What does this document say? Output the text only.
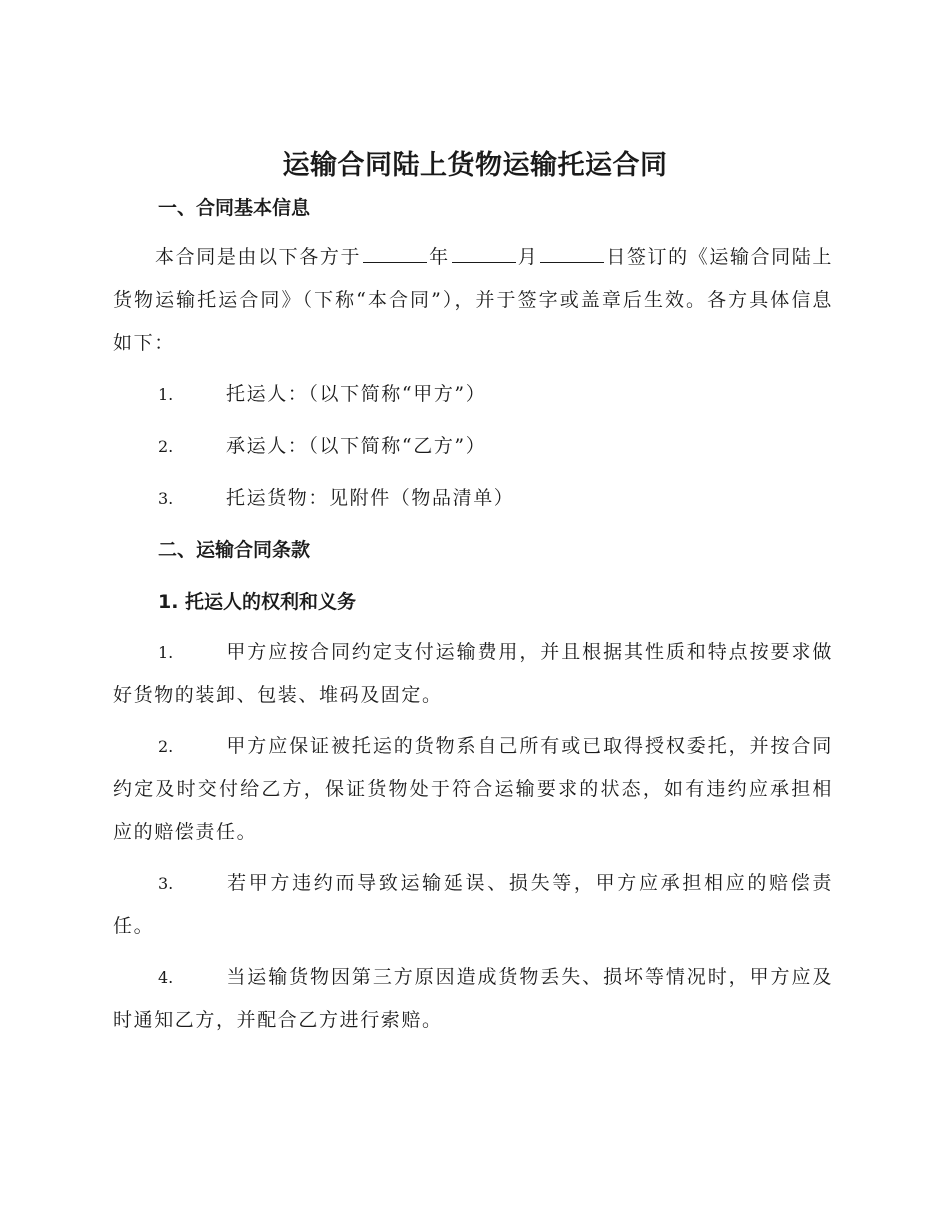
运输合同陆上货物运输托运合同
一、合同基本信息
本合同是由以下各方于	年	月	日签订的《运输合同陆上货物运输托运合同》（下称“本合同”），并于签字或盖章后生效。各方具体信息如下：
1.	托运人：（以下简称“甲方”）
2.	承运人：（以下简称“乙方”）
3.	托运货物：见附件（物品清单）
二、运输合同条款
1. 托运人的权利和义务
1.	甲方应按合同约定支付运输费用，并且根据其性质和特点按要求做好货物的装卸、包装、堆码及固定。
2.	甲方应保证被托运的货物系自己所有或已取得授权委托，并按合同约定及时交付给乙方，保证货物处于符合运输要求的状态，如有违约应承担相应的赔偿责任。
3.	若甲方违约而导致运输延误、损失等，甲方应承担相应的赔偿责任。
4.	当运输货物因第三方原因造成货物丢失、损坏等情况时，甲方应及时通知乙方，并配合乙方进行索赔。
